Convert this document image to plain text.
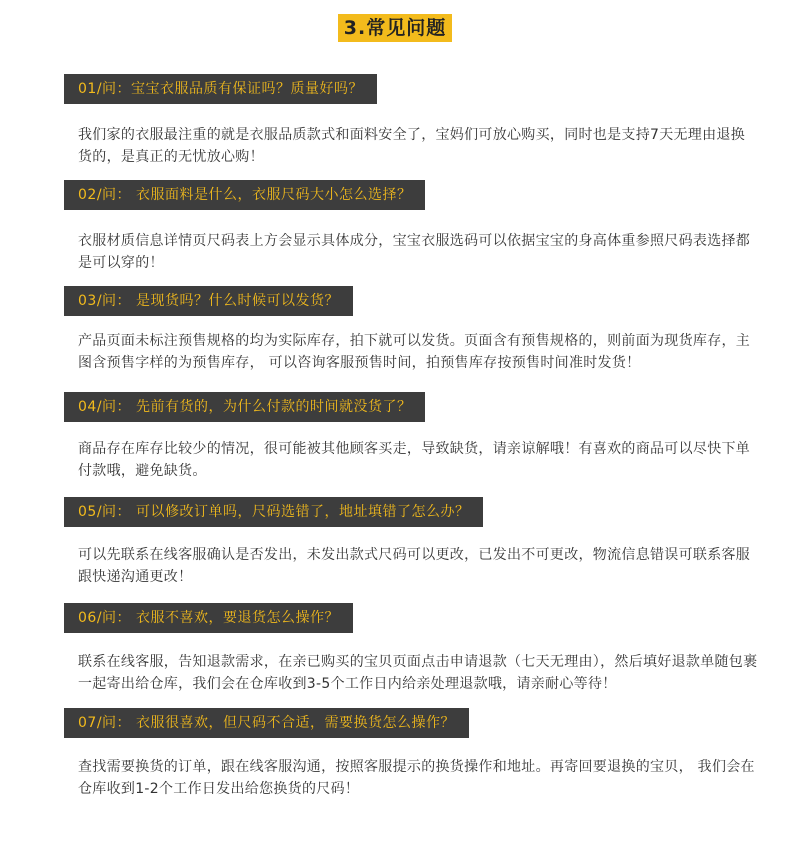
3.常见问题
01/问：宝宝衣服品质有保证吗？质量好吗？
我们家的衣服最注重的就是衣服品质款式和面料安全了，宝妈们可放心购买，同时也是支持7天无理由退换货的，是真正的无忧放心购！
02/问： 衣服面料是什么，衣服尺码大小怎么选择？
衣服材质信息详情页尺码表上方会显示具体成分，宝宝衣服选码可以依据宝宝的身高体重参照尺码表选择都是可以穿的！
03/问： 是现货吗？什么时候可以发货？
产品页面未标注预售规格的均为实际库存，拍下就可以发货。页面含有预售规格的，则前面为现货库存，主图含预售字样的为预售库存， 可以咨询客服预售时间，拍预售库存按预售时间准时发货！
04/问： 先前有货的，为什么付款的时间就没货了？
商品存在库存比较少的情况，很可能被其他顾客买走，导致缺货，请亲谅解哦！有喜欢的商品可以尽快下单付款哦，避免缺货。
05/问： 可以修改订单吗，尺码选错了，地址填错了怎么办？
可以先联系在线客服确认是否发出，未发出款式尺码可以更改，已发出不可更改，物流信息错误可联系客服跟快递沟通更改！
06/问： 衣服不喜欢，要退货怎么操作？
联系在线客服，告知退款需求，在亲已购买的宝贝页面点击申请退款（七天无理由），然后填好退款单随包裹一起寄出给仓库，我们会在仓库收到3-5个工作日内给亲处理退款哦，请亲耐心等待！
07/问： 衣服很喜欢，但尺码不合适，需要换货怎么操作？
查找需要换货的订单，跟在线客服沟通，按照客服提示的换货操作和地址。再寄回要退换的宝贝， 我们会在仓库收到1-2个工作日发出给您换货的尺码！
